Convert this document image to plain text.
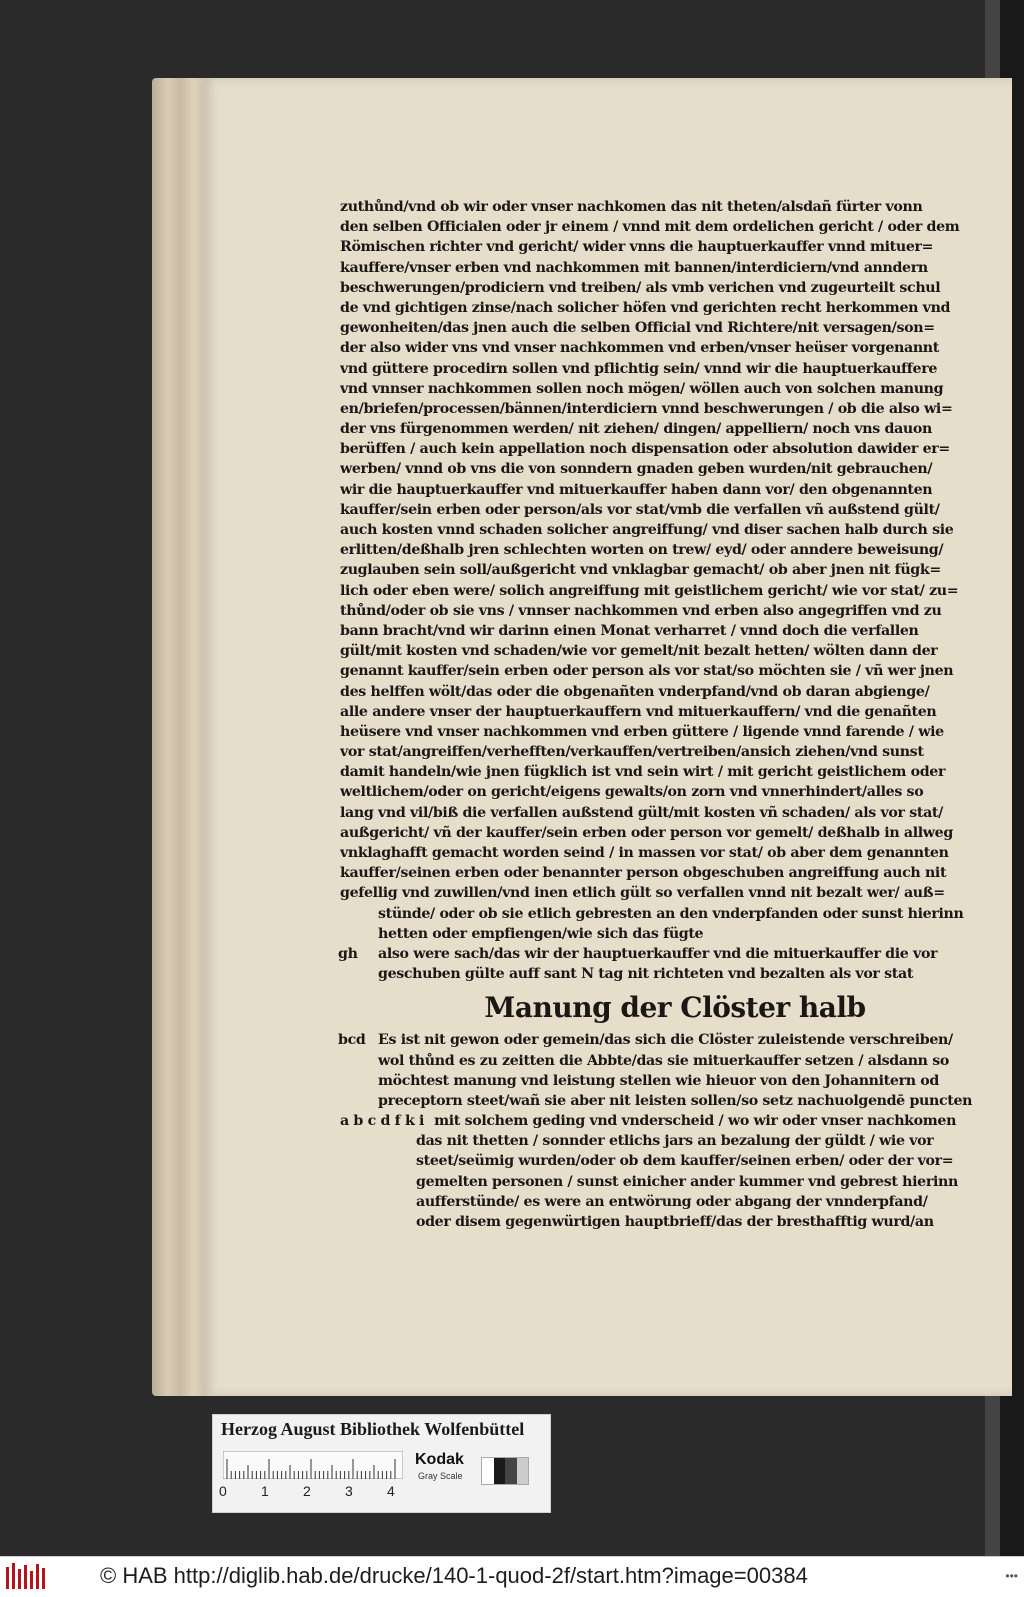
zuthůnd/vnd ob wir oder vnser nachkomen das nit theten/alsdañ fürter vonn
den selben Officialen oder jr einem / vnnd mit dem ordelichen gericht / oder dem
Römischen richter vnd gericht/ wider vnns die hauptuerkauffer vnnd mituer=
kauffere/vnser erben vnd nachkommen mit bannen/interdiciern/vnd anndern
beschwerungen/prodiciern vnd treiben/ als vmb verichen vnd zugeurteilt schul
de vnd gichtigen zinse/nach solicher höfen vnd gerichten recht herkommen vnd
gewonheiten/das jnen auch die selben Official vnd Richtere/nit versagen/son=
der also wider vns vnd vnser nachkommen vnd erben/vnser heüser vorgenannt
vnd güttere procedirn sollen vnd pflichtig sein/ vnnd wir die hauptuerkauffere
vnd vnnser nachkommen sollen noch mögen/ wöllen auch von solchen manung
en/briefen/processen/bännen/interdiciern vnnd beschwerungen / ob die also wi=
der vns fürgenommen werden/ nit ziehen/ dingen/ appelliern/ noch vns dauon
berüffen / auch kein appellation noch dispensation oder absolution dawider er=
werben/ vnnd ob vns die von sonndern gnaden geben wurden/nit gebrauchen/
wir die hauptuerkauffer vnd mituerkauffer haben dann vor/ den obgenannten
kauffer/sein erben oder person/als vor stat/vmb die verfallen vñ außstend gült/
auch kosten vnnd schaden solicher angreiffung/ vnd diser sachen halb durch sie
erlitten/deßhalb jren schlechten worten on trew/ eyd/ oder anndere beweisung/
zuglauben sein soll/außgericht vnd vnklagbar gemacht/ ob aber jnen nit fügk=
lich oder eben were/ solich angreiffung mit geistlichem gericht/ wie vor stat/ zu=
thůnd/oder ob sie vns / vnnser nachkommen vnd erben also angegriffen vnd zu
bann bracht/vnd wir darinn einen Monat verharret / vnnd doch die verfallen
gült/mit kosten vnd schaden/wie vor gemelt/nit bezalt hetten/ wölten dann der
genannt kauffer/sein erben oder person als vor stat/so möchten sie / vñ wer jnen
des helffen wölt/das oder die obgenañten vnderpfand/vnd ob daran abgienge/
alle andere vnser der hauptuerkauffern vnd mituerkauffern/ vnd die genañten
heüsere vnd vnser nachkommen vnd erben güttere / ligende vnnd farende / wie
vor stat/angreiffen/verhefften/verkauffen/vertreiben/ansich ziehen/vnd sunst
damit handeln/wie jnen fügklich ist vnd sein wirt / mit gericht geistlichem oder
weltlichem/oder on gericht/eigens gewalts/on zorn vnd vnnerhindert/alles so
lang vnd vil/biß die verfallen außstend gült/mit kosten vñ schaden/ als vor stat/
außgericht/ vñ der kauffer/sein erben oder person vor gemelt/ deßhalb in allweg
vnklaghafft gemacht worden seind / in massen vor stat/ ob aber dem genannten
kauffer/seinen erben oder benannter person obgeschuben angreiffung auch nit
gefellig vnd zuwillen/vnd inen etlich gült so verfallen vnnd nit bezalt wer/ auß=
stünde/ oder ob sie etlich gebresten an den vnderpfanden oder sunst hierinn
hetten oder empfiengen/wie sich das fügte
gh	also were sach/das wir der hauptuerkauffer vnd die mituerkauffer die vor
geschuben gülte auff sant N tag nit richteten vnd bezalten als vor stat
Manung der Clöster halb
bcd Es ist nit gewon oder gemein/das sich die Clöster zuleistende verschreiben/
wol thůnd es zu zeitten die Abbte/das sie mituerkauffer setzen / alsdann so
möchtest manung vnd leistung stellen wie hieuor von den Johannitern od
preceptorn steet/wañ sie aber nit leisten sollen/so setz nachuolgendē puncten
a b c d f k i mit solchem geding vnd vnderscheid / wo wir oder vnser nachkomen
das nit thetten / sonnder etlichs jars an bezalung der güldt / wie vor
steet/seümig wurden/oder ob dem kauffer/seinen erben/ oder der vor=
gemelten personen / sunst einicher ander kummer vnd gebrest hierinn
aufferstünde/ es were an entwörung oder abgang der vnnderpfand/
oder disem gegenwürtigen hauptbrieff/das der bresthafftig wurd/an
Herzog August Bibliothek Wolfenbüttel
0 1 2 3 4
Kodak
Gray Scale
© HAB http://diglib.hab.de/drucke/140-1-quod-2f/start.htm?image=00384	•••
